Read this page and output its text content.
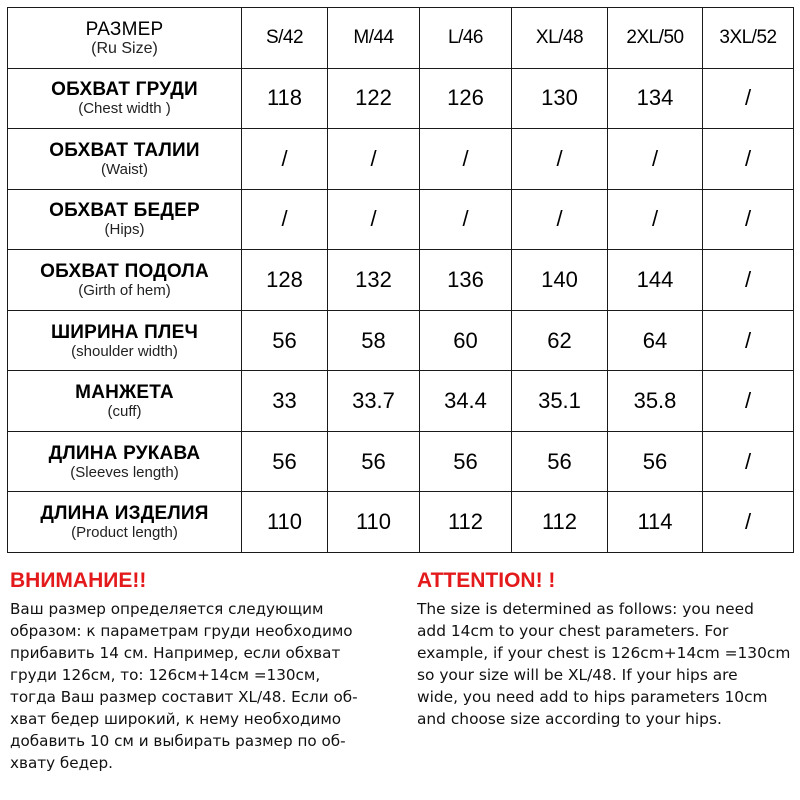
РАЗМЕР
(Ru Size)	S/42	M/44	L/46	XL/48	2XL/50	3XL/52

ОБХВАТ ГРУДИ
(Chest width )	118	122	126	130	134	/

ОБХВАТ ТАЛИИ
(Waist)	/	/	/	/	/	/

ОБХВАТ БЕДЕР
(Hips)	/	/	/	/	/	/

ОБХВАТ ПОДОЛА
(Girth of hem)	128	132	136	140	144	/

ШИРИНА ПЛЕЧ
(shoulder width)	56	58	60	62	64	/

МАНЖЕТА
(cuff)	33	33.7	34.4	35.1	35.8	/

ДЛИНА РУКАВА
(Sleeves length)	56	56	56	56	56	/

ДЛИНА ИЗДЕЛИЯ
(Product length)	110	110	112	112	114	/

ВНИМАНИЕ!!

Ваш размер определяется следующим
образом: к параметрам груди необходимо
прибавить 14 см. Например, если обхват
груди 126см, то: 126см+14см =130см,
тогда Ваш размер составит XL/48. Если об-
хват бедер широкий, к нему необходимо
добавить 10 см и выбирать размер по об-
хвату бедер.

ATTENTION! !

The size is determined as follows: you need
add 14cm to your chest parameters. For
example, if your chest is 126cm+14cm =130cm
so your size will be XL/48. If your hips are
wide, you need add to hips parameters 10cm
and choose size according to your hips.
